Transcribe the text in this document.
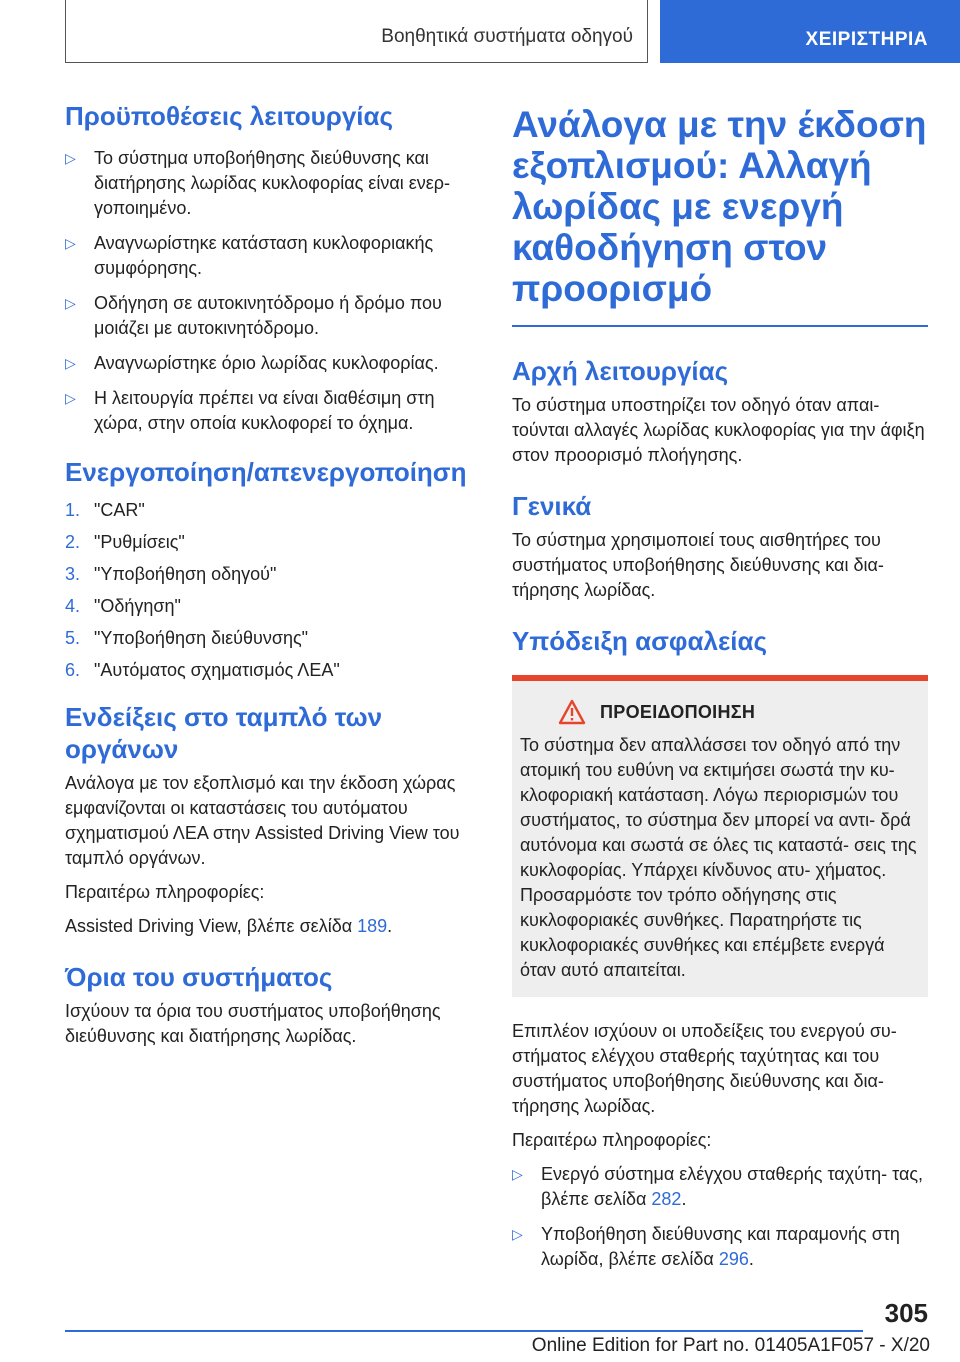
Βοηθητικά συστήματα οδηγού	ΧΕΙΡΙΣΤΗΡΙΑ
Προϋποθέσεις λειτουργίας
▷ Το σύστημα υποβοήθησης διεύθυνσης και διατήρησης λωρίδας κυκλοφορίας είναι ενερ- γοποιημένο.
▷ Αναγνωρίστηκε κατάσταση κυκλοφοριακής συμφόρησης.
▷ Οδήγηση σε αυτοκινητόδρομο ή δρόμο που μοιάζει με αυτοκινητόδρομο.
▷ Αναγνωρίστηκε όριο λωρίδας κυκλοφορίας.
▷ Η λειτουργία πρέπει να είναι διαθέσιμη στη χώρα, στην οποία κυκλοφορεί το όχημα.
Ενεργοποίηση/απενεργοποίηση
1. "CAR"
2. "Ρυθμίσεις"
3. "Υποβοήθηση οδηγού"
4. "Οδήγηση"
5. "Υποβοήθηση διεύθυνσης"
6. "Αυτόματος σχηματισμός ΛΕΑ"
Ενδείξεις στο ταμπλό των οργάνων

Ανάλογα με τον εξοπλισμό και την έκδοση χώρας εμφανίζονται οι καταστάσεις του αυτόματου σχηματισμού ΛΕΑ στην Assisted Driving View του ταμπλό οργάνων.

Περαιτέρω πληροφορίες:

Assisted Driving View, βλέπε σελίδα 189.

Όρια του συστήματος

Ισχύουν τα όρια του συστήματος υποβοήθησης διεύθυνσης και διατήρησης λωρίδας.

Ανάλογα με την έκδοση εξοπλισμού: Αλλαγή λωρίδας με ενεργή καθοδήγηση στον προορισμό
Αρχή λειτουργίας

Το σύστημα υποστηρίζει τον οδηγό όταν απαι- τούνται αλλαγές λωρίδας κυκλοφορίας για την άφιξη στον προορισμό πλοήγησης.

Γενικά

Το σύστημα χρησιμοποιεί τους αισθητήρες του συστήματος υποβοήθησης διεύθυνσης και δια- τήρησης λωρίδας.

Υπόδειξη ασφαλείας
ΠΡΟΕΙΔΟΠΟΙΗΣΗ

Το σύστημα δεν απαλλάσσει τον οδηγό από την ατομική του ευθύνη να εκτιμήσει σωστά την κυ- κλοφοριακή κατάσταση. Λόγω περιορισμών του συστήματος, το σύστημα δεν μπορεί να αντι- δρά αυτόνομα και σωστά σε όλες τις καταστά- σεις της κυκλοφορίας. Υπάρχει κίνδυνος ατυ- χήματος. Προσαρμόστε τον τρόπο οδήγησης στις κυκλοφοριακές συνθήκες. Παρατηρήστε τις κυκλοφοριακές συνθήκες και επέμβετε ενεργά όταν αυτό απαιτείται.

Επιπλέον ισχύουν οι υποδείξεις του ενεργού συ- στήματος ελέγχου σταθερής ταχύτητας και του συστήματος υποβοήθησης διεύθυνσης και δια- τήρησης λωρίδας.

Περαιτέρω πληροφορίες:

▷ Ενεργό σύστημα ελέγχου σταθερής ταχύτη- τας, βλέπε σελίδα 282.
▷ Υποβοήθηση διεύθυνσης και παραμονής στη λωρίδα, βλέπε σελίδα 296.
305
Online Edition for Part no. 01405A1F057 - X/20
